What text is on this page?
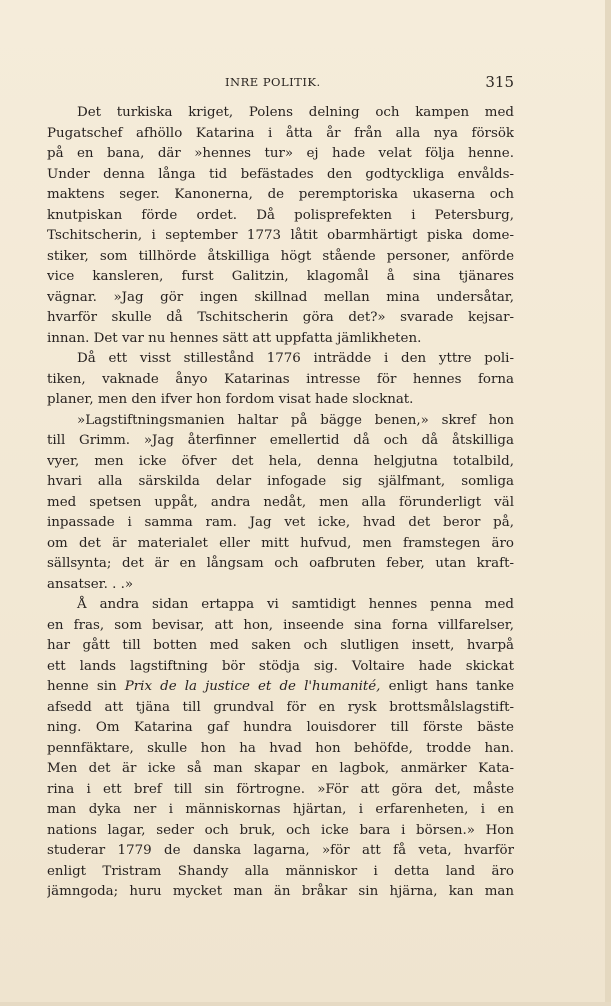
INRE POLITIK.	315
Det turkiska kriget, Polens delning och kampen med
Pugatschef afhöllo Katarina i åtta år från alla nya försök
på en bana, där »hennes tur» ej hade velat följa henne.
Under denna långa tid befästades den godtyckliga envålds-
maktens seger. Kanonerna, de peremptoriska ukaserna och
knutpiskan förde ordet. Då polisprefekten i Petersburg,
Tschitscherin, i september 1773 låtit obarmhärtigt piska dome-
stiker, som tillhörde åtskilliga högt stående personer, anförde
vice kansleren, furst Galitzin, klagomål å sina tjänares
vägnar. »Jag gör ingen skillnad mellan mina undersåtar,
hvarför skulle då Tschitscherin göra det?» svarade kejsar-
innan. Det var nu hennes sätt att uppfatta jämlikheten.
Då ett visst stillestånd 1776 inträdde i den yttre poli-
tiken, vaknade ånyo Katarinas intresse för hennes forna
planer, men den ifver hon fordom visat hade slocknat.
»Lagstiftningsmanien haltar på bägge benen,» skref hon
till Grimm. »Jag återfinner emellertid då och då åtskilliga
vyer, men icke öfver det hela, denna helgjutna totalbild,
hvari alla särskilda delar infogade sig själfmant, somliga
med spetsen uppåt, andra nedåt, men alla förunderligt väl
inpassade i samma ram. Jag vet icke, hvad det beror på,
om det är materialet eller mitt hufvud, men framstegen äro
sällsynta; det är en långsam och oafbruten feber, utan kraft-
ansatser. . .»
Å andra sidan ertappa vi samtidigt hennes penna med
en fras, som bevisar, att hon, inseende sina forna villfarelser,
har gått till botten med saken och slutligen insett, hvarpå
ett lands lagstiftning bör stödja sig. Voltaire hade skickat
henne sin Prix de la justice et de l'humanité, enligt hans tanke
afsedd att tjäna till grundval för en rysk brottsmålslagstift-
ning. Om Katarina gaf hundra louisdorer till förste bäste
pennfäktare, skulle hon ha hvad hon behöfde, trodde han.
Men det är icke så man skapar en lagbok, anmärker Kata-
rina i ett bref till sin förtrogne. »För att göra det, måste
man dyka ner i människornas hjärtan, i erfarenheten, i en
nations lagar, seder och bruk, och icke bara i börsen.» Hon
studerar 1779 de danska lagarna, »för att få veta, hvarför
enligt Tristram Shandy alla människor i detta land äro
jämngoda; huru mycket man än bråkar sin hjärna, kan man
